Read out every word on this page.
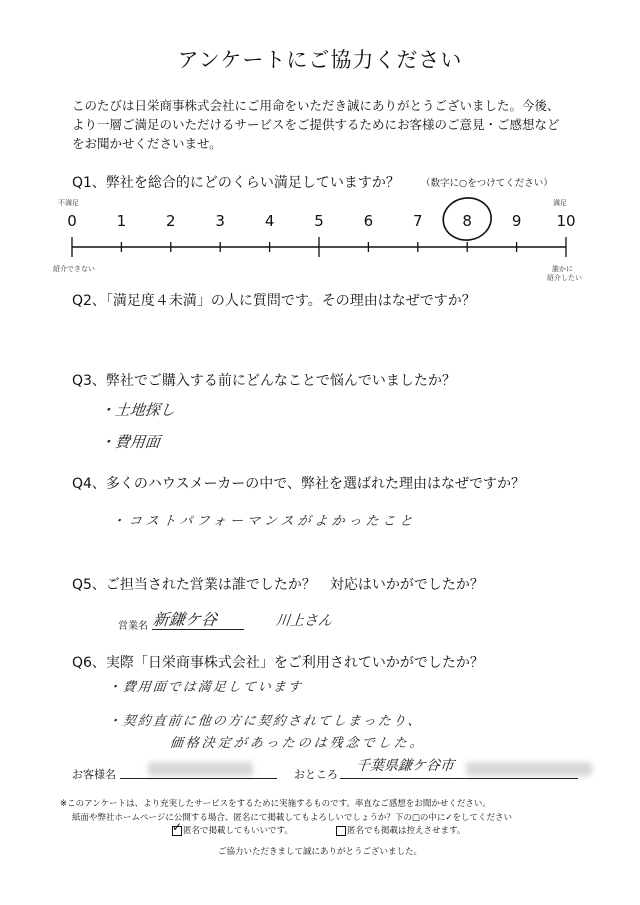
アンケートにご協力ください
このたびは日栄商事株式会社にご用命をいただき誠にありがとうございました。今後、
より一層ご満足のいただけるサービスをご提供するためにお客様のご意見・ご感想など
をお聞かせくださいませ。
Q1、弊社を総合的にどのくらい満足していますか？ （数字に○をつけてください）
不満足	満足
0	1	2	3	4	5	6	7	8	9	10
紹介できない	誰かに
紹介したい
Q2、「満足度４未満」の人に質問です。その理由はなぜですか？
Q3、弊社でご購入する前にどんなことで悩んでいましたか？
・土地探し
・費用面
Q4、多くのハウスメーカーの中で、弊社を選ばれた理由はなぜですか？
・コストパフォーマンスがよかったこと
Q5、ご担当された営業は誰でしたか？　対応はいかがでしたか？
営業名 新鎌ケ谷	川上さん
Q6、実際「日栄商事株式会社」をご利用されていかがでしたか？
・費用面では満足しています
・契約直前に他の方に契約されてしまったり、
価格決定があったのは残念でした。
お客様名	おところ
千葉県鎌ケ谷市
※このアンケートは、より充実したサービスをするために実施するものです。率直なご感想をお聞かせください。
紙面や弊社ホームページに公開する場合、匿名にて掲載してもよろしいでしょうか？下の□の中に✓をしてください
✓ 匿名で掲載してもいいです。	匿名でも掲載は控えさせます。
ご協力いただきまして誠にありがとうございました。
